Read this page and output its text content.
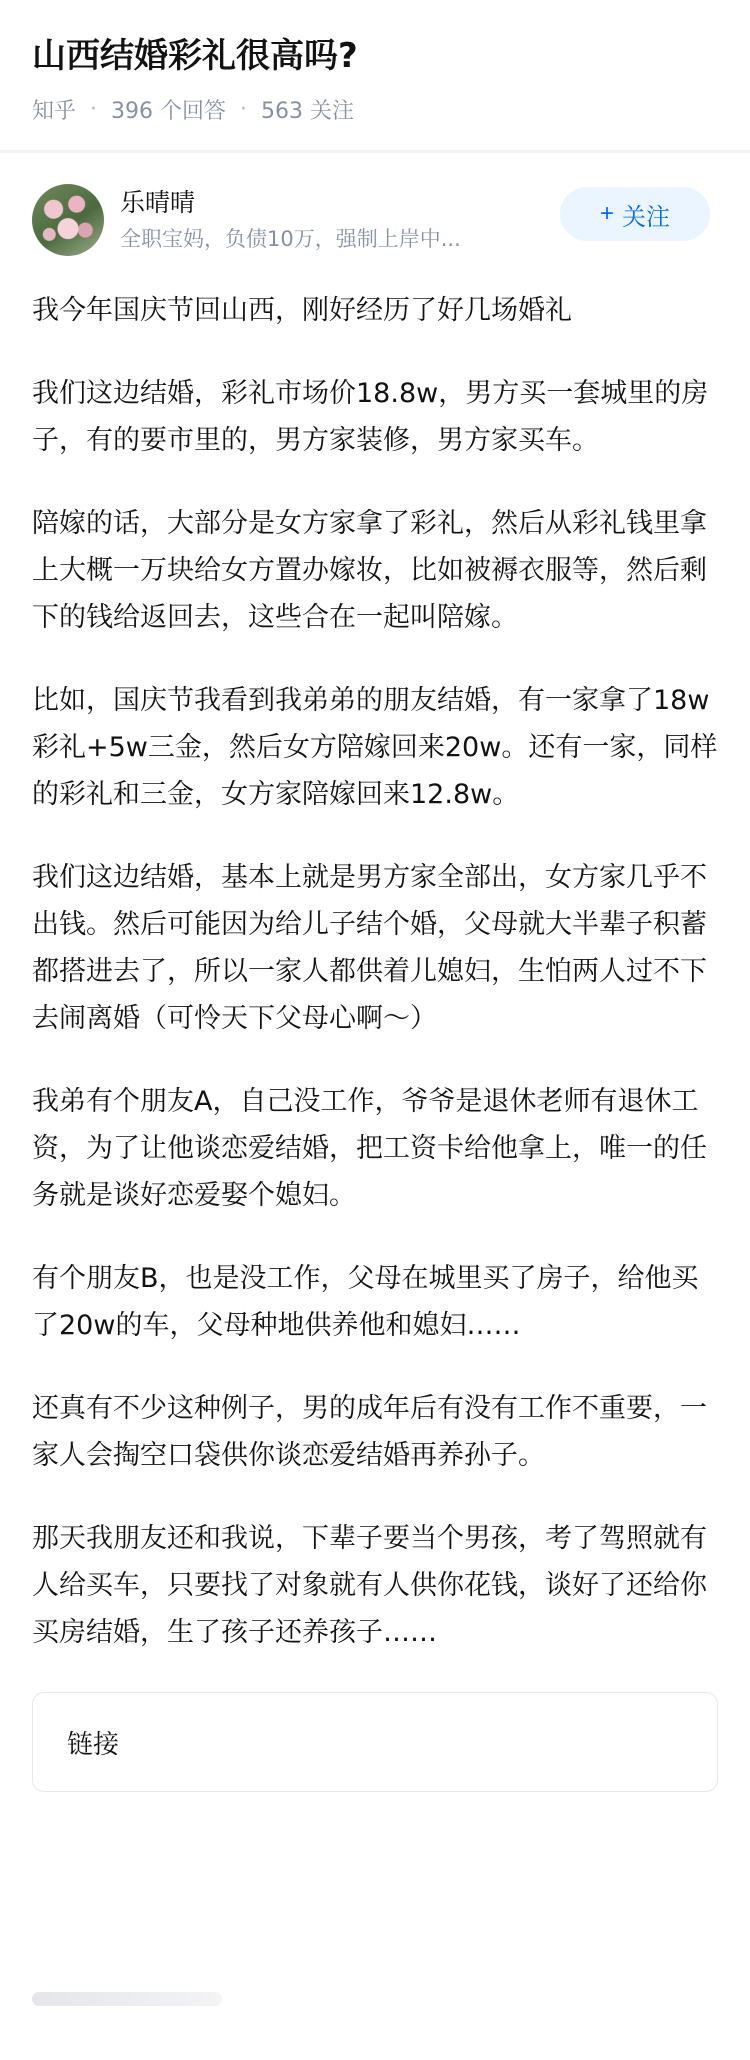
山西结婚彩礼很高吗?
知乎 · 396 个回答 · 563 关注
乐晴晴
全职宝妈，负债10万，强制上岸中...
+ 关注

我今年国庆节回山西，刚好经历了好几场婚礼

我们这边结婚，彩礼市场价18.8w，男方买一套城里的房子，有的要市里的，男方家装修，男方家买车。

陪嫁的话，大部分是女方家拿了彩礼，然后从彩礼钱里拿上大概一万块给女方置办嫁妆，比如被褥衣服等，然后剩下的钱给返回去，这些合在一起叫陪嫁。

比如，国庆节我看到我弟弟的朋友结婚，有一家拿了18w彩礼+5w三金，然后女方陪嫁回来20w。还有一家，同样的彩礼和三金，女方家陪嫁回来12.8w。

我们这边结婚，基本上就是男方家全部出，女方家几乎不出钱。然后可能因为给儿子结个婚，父母就大半辈子积蓄都搭进去了，所以一家人都供着儿媳妇，生怕两人过不下去闹离婚（可怜天下父母心啊～）

我弟有个朋友A，自己没工作，爷爷是退休老师有退休工资，为了让他谈恋爱结婚，把工资卡给他拿上，唯一的任务就是谈好恋爱娶个媳妇。

有个朋友B，也是没工作，父母在城里买了房子，给他买了20w的车，父母种地供养他和媳妇……

还真有不少这种例子，男的成年后有没有工作不重要，一家人会掏空口袋供你谈恋爱结婚再养孙子。

那天我朋友还和我说，下辈子要当个男孩，考了驾照就有人给买车，只要找了对象就有人供你花钱，谈好了还给你买房结婚，生了孩子还养孩子……

链接
